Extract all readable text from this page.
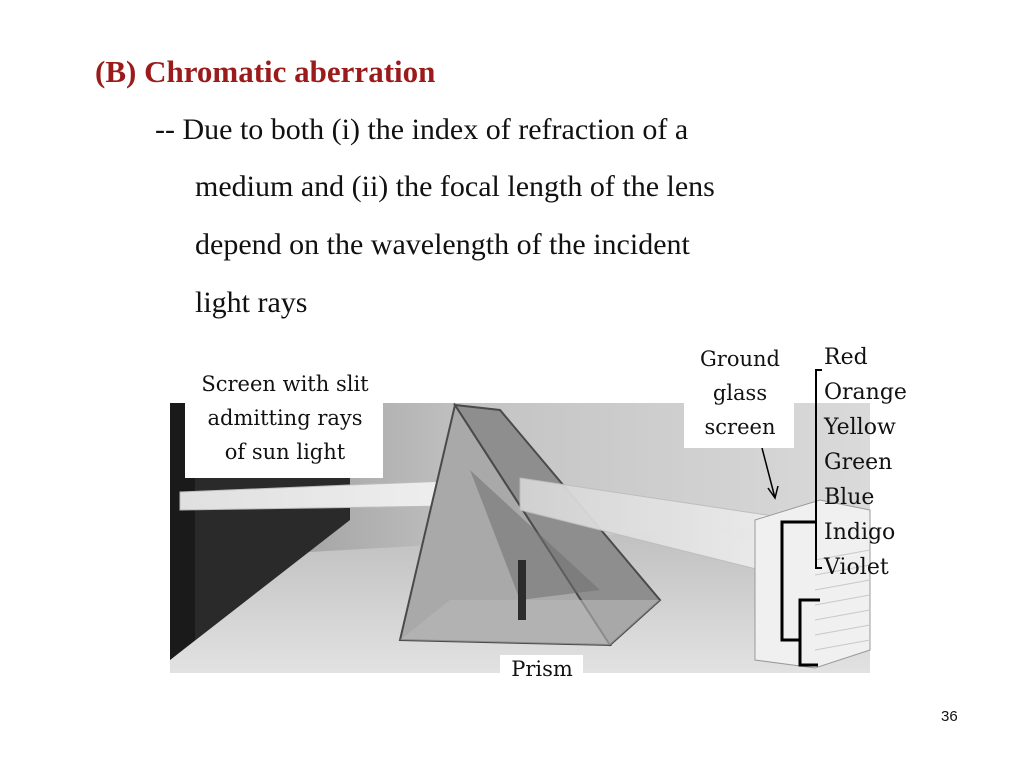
(B) Chromatic aberration
-- Due to both (i) the index of refraction of a
medium and (ii) the focal length of the lens
depend on the wavelength of the incident
light rays
Screen with slit
admitting rays
of sun light
Ground
glass
screen
Prism
Red
Orange
Yellow
Green
Blue
Indigo
Violet
36
